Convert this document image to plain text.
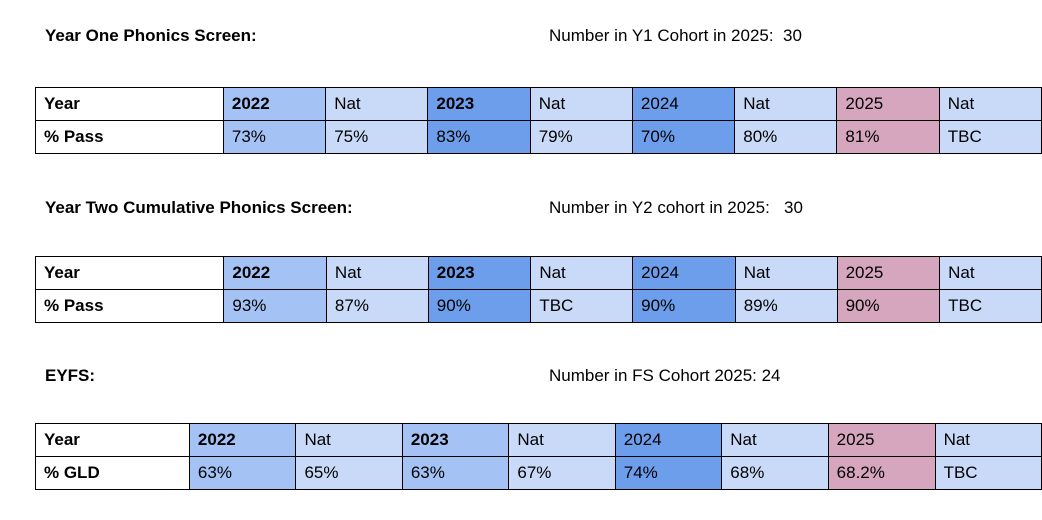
Year One Phonics Screen:	Number in Y1 Cohort in 2025:  30
Year	2022	Nat	2023	Nat	2024	Nat	2025	Nat
% Pass	73%	75%	83%	79%	70%	80%	81%	TBC
Year Two Cumulative Phonics Screen:	Number in Y2 cohort in 2025:   30
Year	2022	Nat	2023	Nat	2024	Nat	2025	Nat
% Pass	93%	87%	90%	TBC	90%	89%	90%	TBC
EYFS:	Number in FS Cohort 2025: 24
Year	2022	Nat	2023	Nat	2024	Nat	2025	Nat
% GLD	63%	65%	63%	67%	74%	68%	68.2%	TBC
